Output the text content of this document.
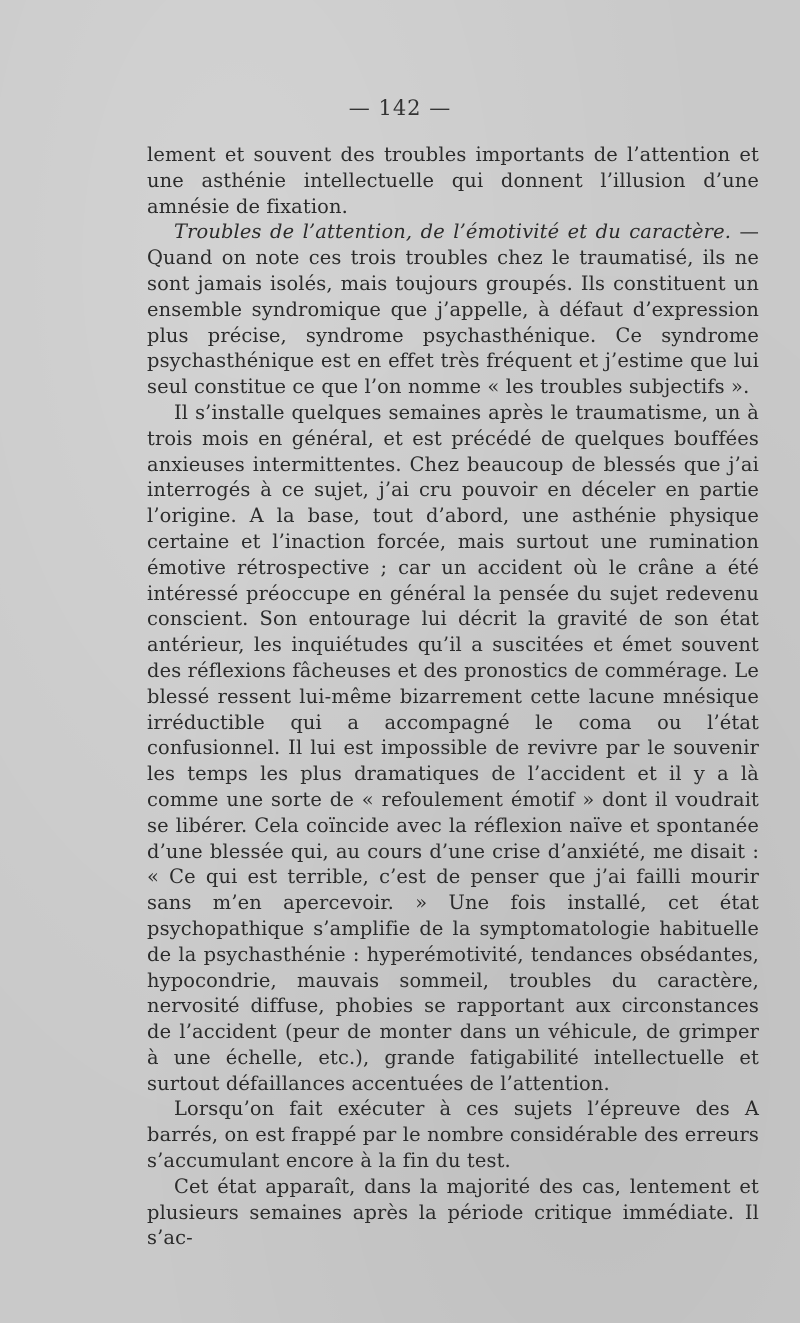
— 142 —

lement et souvent des troubles importants de l’attention et une asthénie intellectuelle qui donnent l’illusion d’une amnésie de fixation.

Troubles de l’attention, de l’émotivité et du caractère. — Quand on note ces trois troubles chez le traumatisé, ils ne sont jamais isolés, mais toujours groupés. Ils constituent un ensemble syndromique que j’appelle, à défaut d’expression plus précise, syndrome psychasthénique. Ce syndrome psychasthénique est en effet très fréquent et j’estime que lui seul constitue ce que l’on nomme « les troubles subjectifs ».

Il s’installe quelques semaines après le traumatisme, un à trois mois en général, et est précédé de quelques bouffées anxieuses intermittentes. Chez beaucoup de blessés que j’ai interrogés à ce sujet, j’ai cru pouvoir en déceler en partie l’origine. A la base, tout d’abord, une asthénie physique certaine et l’inaction forcée, mais surtout une rumination émotive rétrospective ; car un accident où le crâne a été intéressé préoccupe en général la pensée du sujet redevenu conscient. Son entourage lui décrit la gravité de son état antérieur, les inquiétudes qu’il a suscitées et émet souvent des réflexions fâcheuses et des pronostics de commérage. Le blessé ressent lui-même bizarrement cette lacune mnésique irréductible qui a accompagné le coma ou l’état confusionnel. Il lui est impossible de revivre par le souvenir les temps les plus dramatiques de l’accident et il y a là comme une sorte de « refoulement émotif » dont il voudrait se libérer. Cela coïncide avec la réflexion naïve et spontanée d’une blessée qui, au cours d’une crise d’anxiété, me disait : « Ce qui est terrible, c’est de penser que j’ai failli mourir sans m’en apercevoir. » Une fois installé, cet état psychopathique s’amplifie de la symptomatologie habituelle de la psychasthénie : hyperémotivité, tendances obsédantes, hypocondrie, mauvais sommeil, troubles du caractère, nervosité diffuse, phobies se rapportant aux circonstances de l’accident (peur de monter dans un véhicule, de grimper à une échelle, etc.), grande fatigabilité intellectuelle et surtout défaillances accentuées de l’attention.

Lorsqu’on fait exécuter à ces sujets l’épreuve des A barrés, on est frappé par le nombre considérable des erreurs s’accumulant encore à la fin du test.

Cet état apparaît, dans la majorité des cas, lentement et plusieurs semaines après la période critique immédiate. Il s’ac-
